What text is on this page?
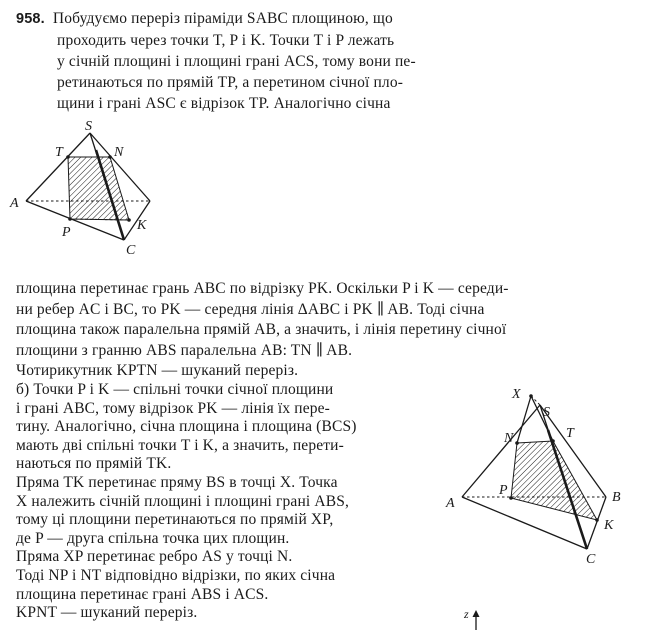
958. Побудуємо переріз піраміди SABC площиною, що
проходить через точки T, P і K. Точки T і P лежать
у січній площині і площині грані ACS, тому вони пе-
ретинаються по прямій TP, а перетином січної пло-
щини і грані ASC є відрізок TP. Аналогічно січна
площина перетинає грань ABC по відрізку PK. Оскільки P і K — середи-
ни ребер AC і BC, то PK — середня лінія ΔABC і PK ∥ AB. Тоді січна
площина також паралельна прямій AB, а значить, і лінія перетину січної
площини з гранню ABS паралельна AB: TN ∥ AB.
Чотирикутник KPTN — шуканий переріз.
б) Точки P і K — спільні точки січної площини
і грані ABC, тому відрізок PK — лінія їх пере-
тину. Аналогічно, січна площина і площина (BCS)
мають дві спільні точки T і K, а значить, перети-
наються по прямій TK.
Пряма TK перетинає пряму BS в точці X. Точка
X належить січній площині і площині грані ABS,
тому ці площини перетинаються по прямій XP,
де P — друга спільна точка цих площин.
Пряма XP перетинає ребро AS у точці N.
Тоді NP і NT відповідно відрізки, по яких січна
площина перетинає грані ABS і ACS.
KPNT — шуканий переріз.
S
T	N
A
K
P
C
X
S
N	T
B
A
P
K
C
z
